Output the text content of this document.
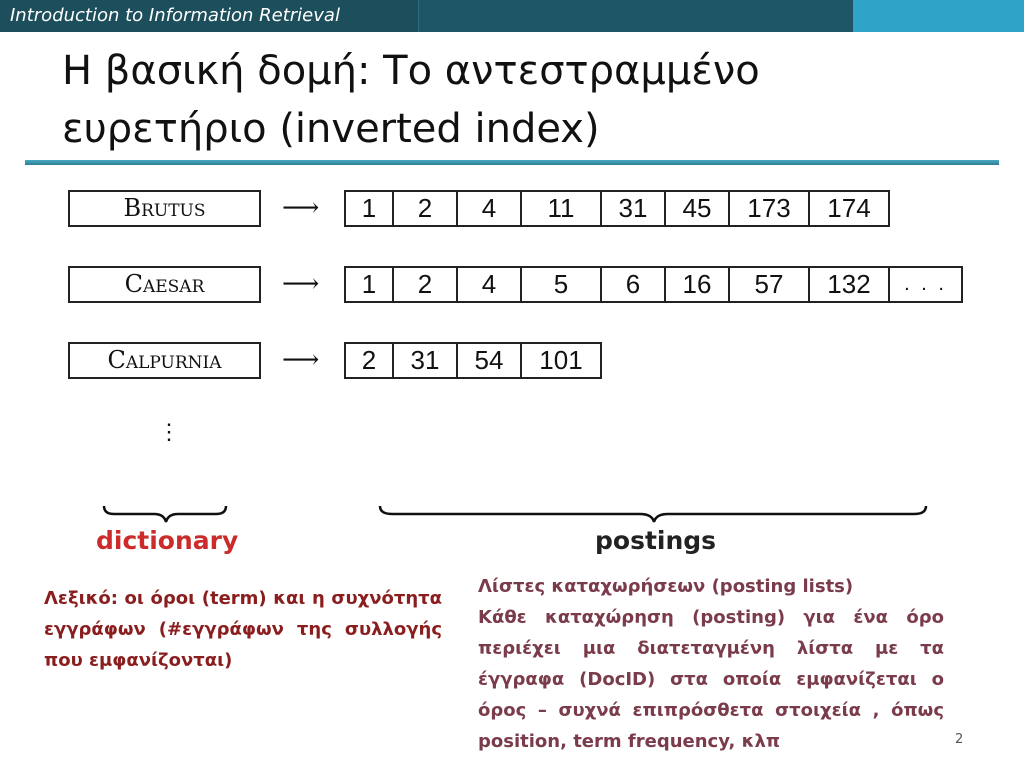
Introduction to Information Retrieval
Η βασική δομή: Το αντεστραμμένο
ευρετήριο (inverted index)
Brutus	⟶	1	2	4	11	31	45	173	174
Caesar	⟶	1	2	4	5	6	16	57	132	. . .
Calpurnia	⟶	2	31	54	101
⋮
dictionary	postings
Λεξικό: οι όροι (term) και η συχνότητα εγγράφων (#εγγράφων της συλλογής που εμφανίζονται)
Λίστες καταχωρήσεων (posting lists)
Κάθε καταχώρηση (posting) για ένα όρο περιέχει μια διατεταγμένη λίστα με τα έγγραφα (DocID) στα οποία εμφανίζεται ο όρος – συχνά επιπρόσθετα στοιχεία , όπως position, term frequency, κλπ	2
